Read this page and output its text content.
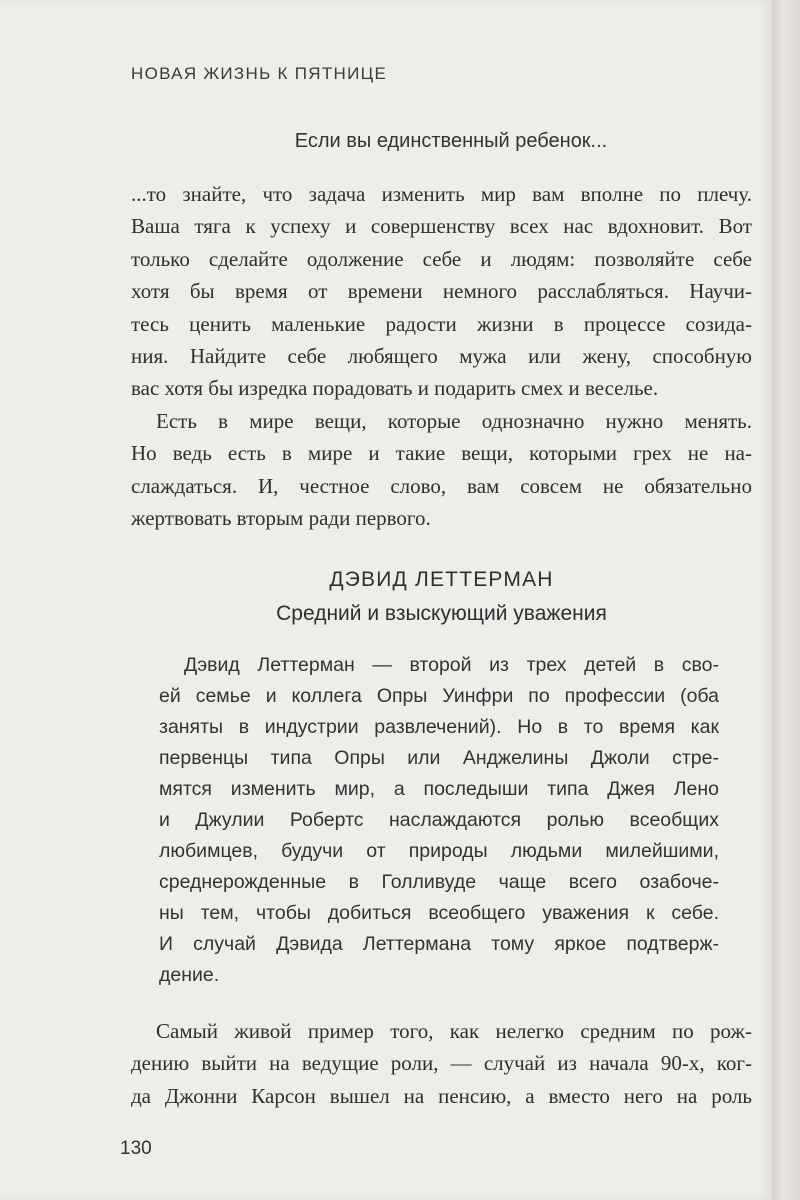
НОВАЯ ЖИЗНЬ К ПЯТНИЦЕ
Если вы единственный ребенок...
...то знайте, что задача изменить мир вам вполне по плечу.
Ваша тяга к успеху и совершенству всех нас вдохновит. Вот
только сделайте одолжение себе и людям: позволяйте себе
хотя бы время от времени немного расслабляться. Научи-
тесь ценить маленькие радости жизни в процессе созида-
ния. Найдите себе любящего мужа или жену, способную
вас хотя бы изредка порадовать и подарить смех и веселье.
Есть в мире вещи, которые однозначно нужно менять.
Но ведь есть в мире и такие вещи, которыми грех не на-
слаждаться. И, честное слово, вам совсем не обязательно
жертвовать вторым ради первого.
ДЭВИД ЛЕТТЕРМАН
Средний и взыскующий уважения
Дэвид Леттерман — второй из трех детей в сво-
ей семье и коллега Опры Уинфри по профессии (оба
заняты в индустрии развлечений). Но в то время как
первенцы типа Опры или Анджелины Джоли стре-
мятся изменить мир, а последыши типа Джея Лено
и Джулии Робертс наслаждаются ролью всеобщих
любимцев, будучи от природы людьми милейшими,
среднерожденные в Голливуде чаще всего озабоче-
ны тем, чтобы добиться всеобщего уважения к себе.
И случай Дэвида Леттермана тому яркое подтверж-
дение.
Самый живой пример того, как нелегко средним по рож-
дению выйти на ведущие роли, — случай из начала 90-х, ког-
да Джонни Карсон вышел на пенсию, а вместо него на роль
130
